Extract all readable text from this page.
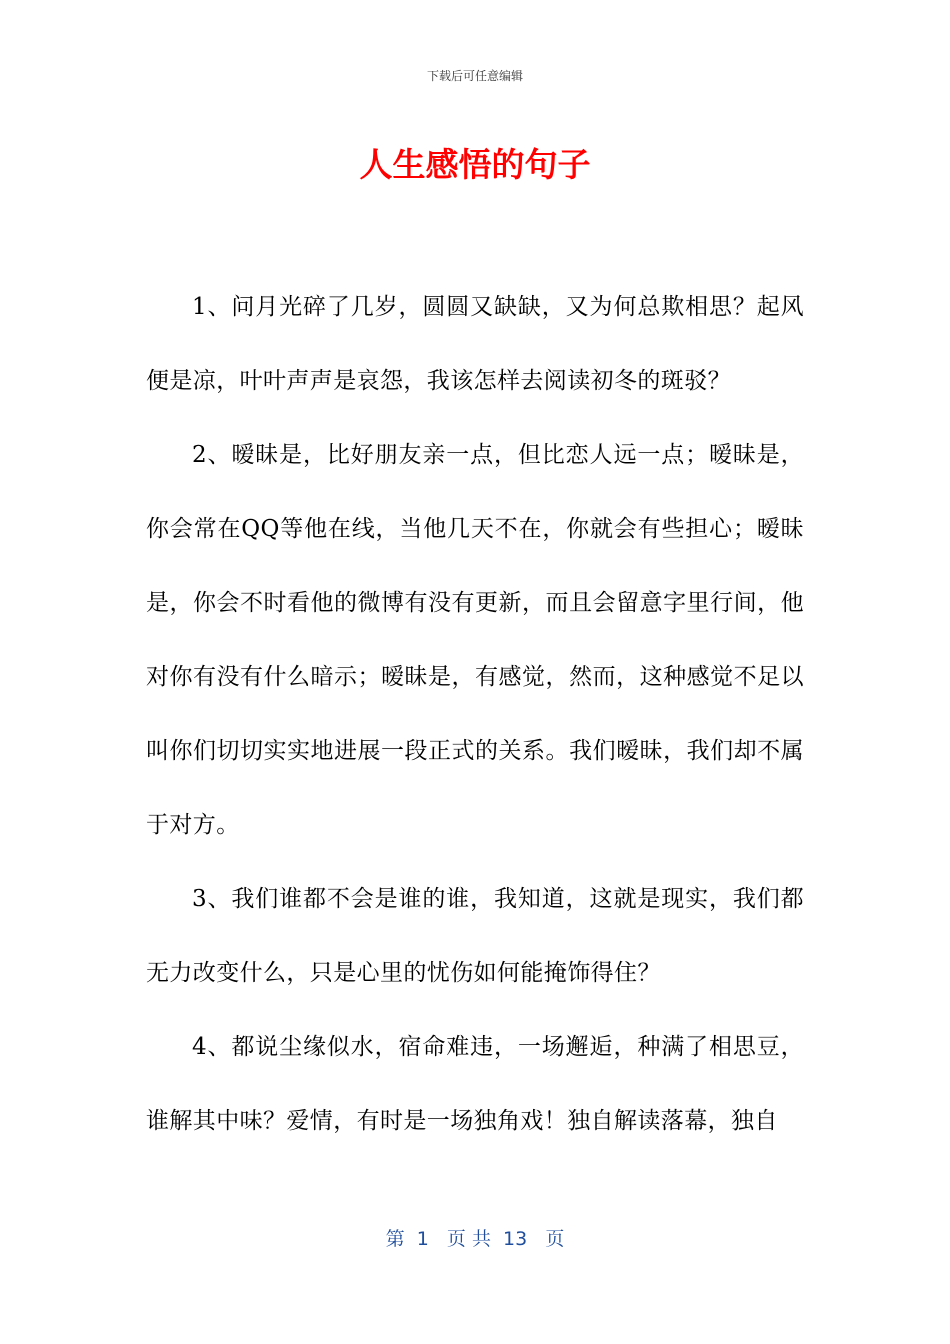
下载后可任意编辑
人生感悟的句子

1、问月光碎了几岁，圆圆又缺缺，又为何总欺相思？起风便是凉，叶叶声声是哀怨，我该怎样去阅读初冬的斑驳？

2、暧昧是，比好朋友亲一点，但比恋人远一点；暧昧是，你会常在QQ等他在线，当他几天不在，你就会有些担心；暧昧是，你会不时看他的微博有没有更新，而且会留意字里行间，他对你有没有什么暗示；暧昧是，有感觉，然而，这种感觉不足以叫你们切切实实地进展一段正式的关系。我们暧昧，我们却不属于对方。

3、我们谁都不会是谁的谁，我知道，这就是现实，我们都无力改变什么，只是心里的忧伤如何能掩饰得住？

4、都说尘缘似水，宿命难违，一场邂逅，种满了相思豆，谁解其中味？爱情，有时是一场独角戏！独自解读落幕，独自

第  1   页 共  13   页
